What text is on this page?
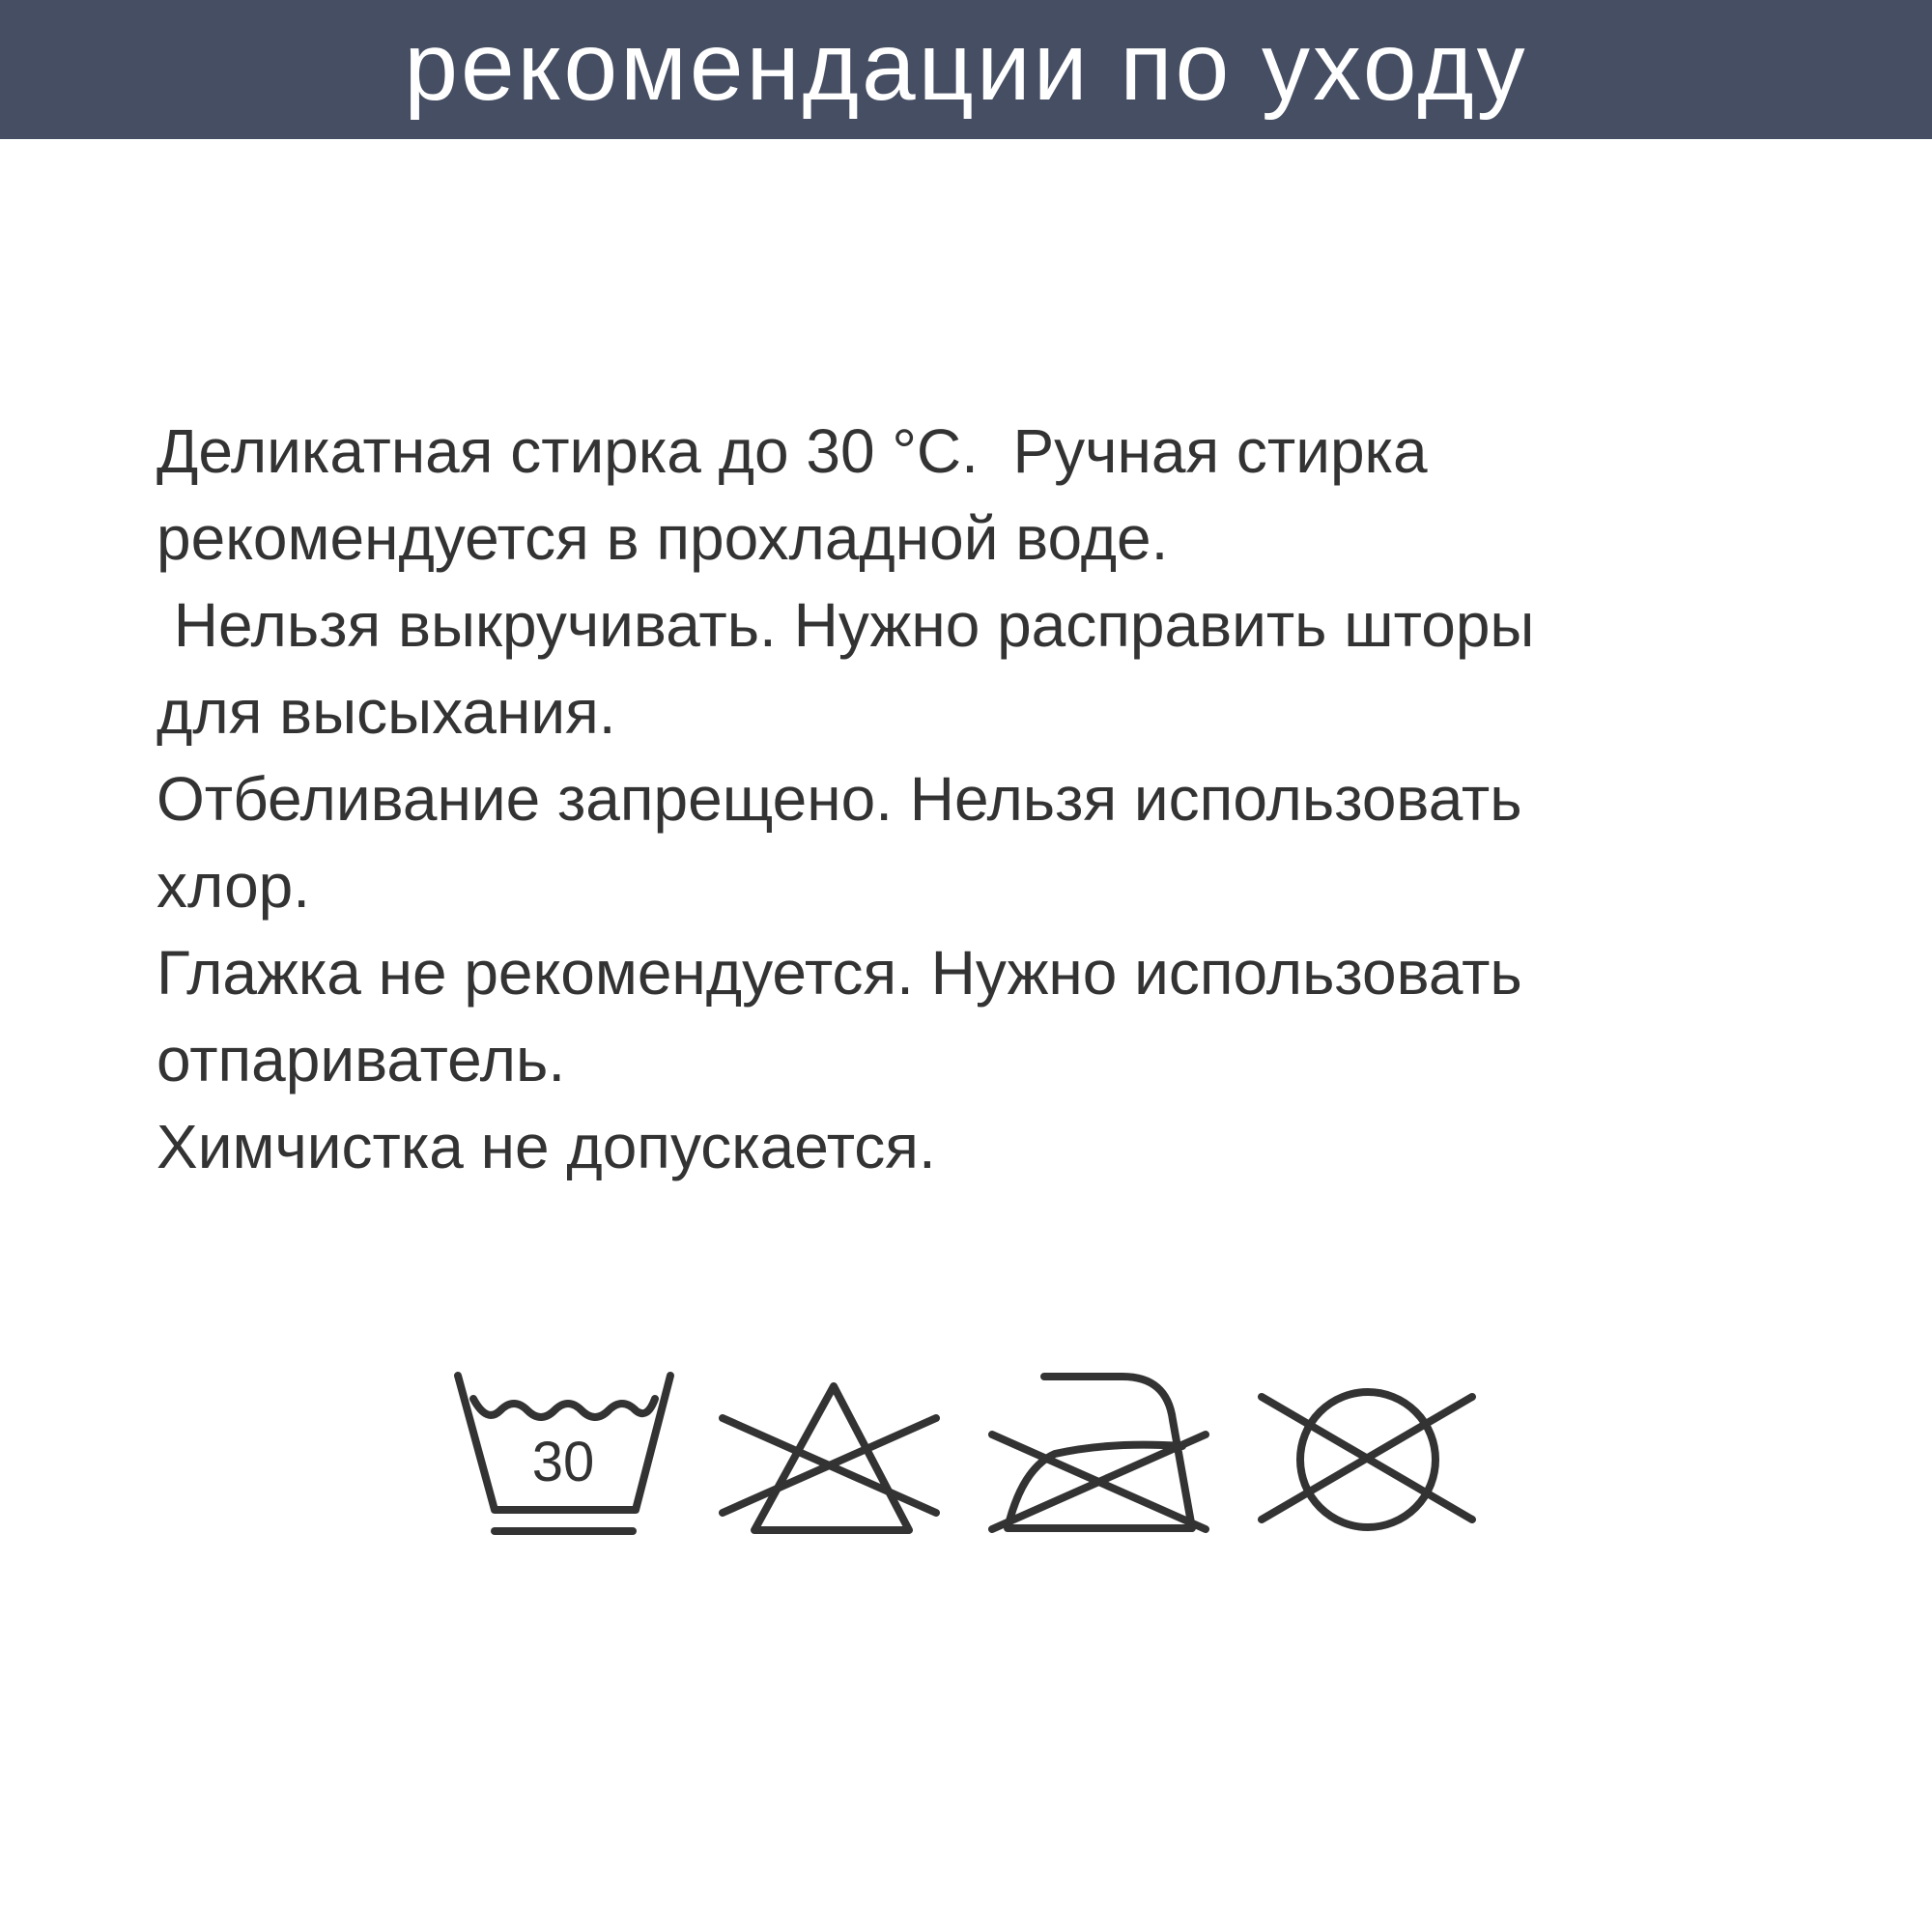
рекомендации по уходу

Деликатная стирка до 30 °С.  Ручная стирка
рекомендуется в прохладной воде.
Нельзя выкручивать. Нужно расправить шторы
для высыхания.
Отбеливание запрещено. Нельзя использовать
хлор.
Глажка не рекомендуется. Нужно использовать
отпариватель.
Химчистка не допускается.

30
